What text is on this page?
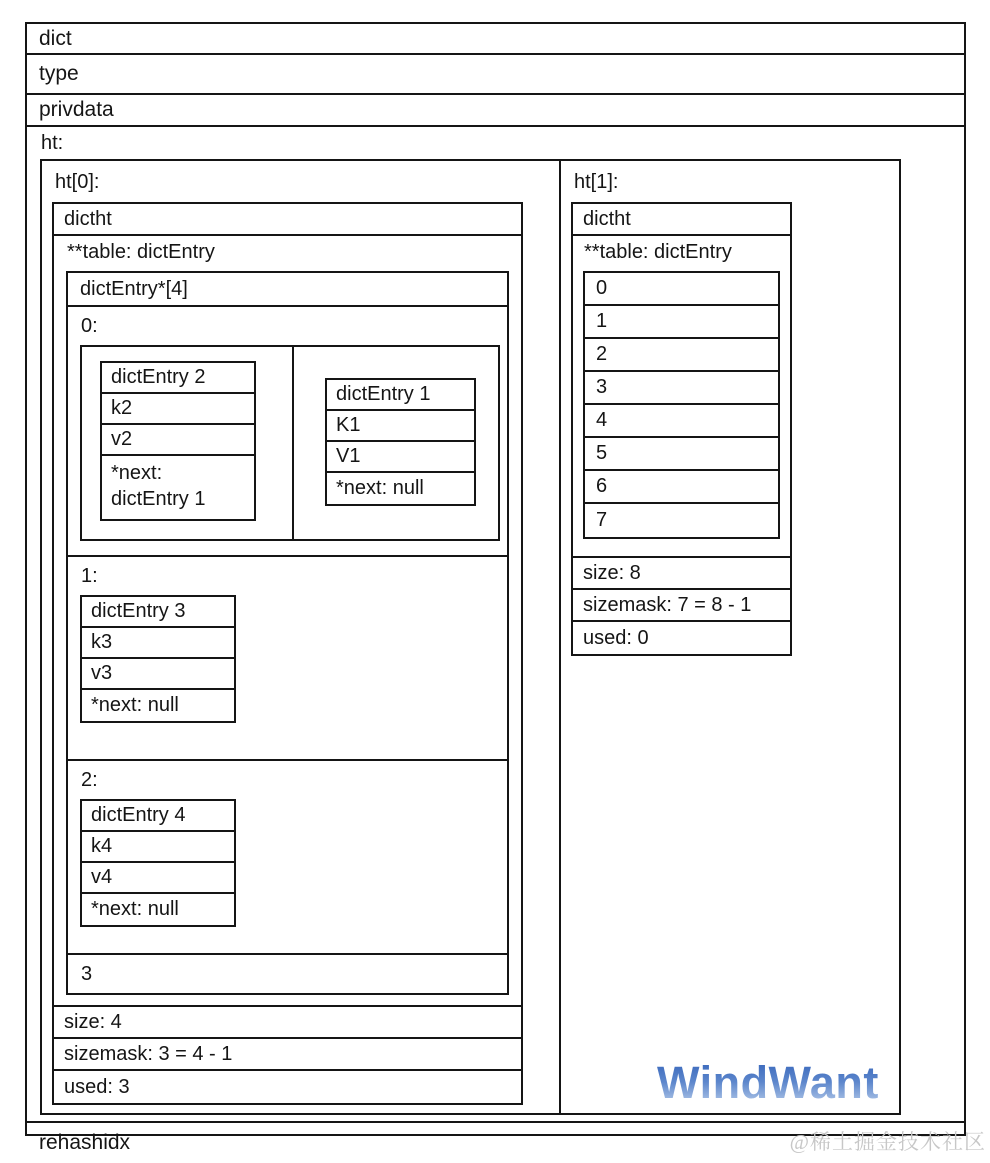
dict
type
privdata
ht:
ht[0]:
dictht
**table: dictEntry
dictEntry*[4]
0:
dictEntry 2
k2
v2
*next:
dictEntry 1
dictEntry 1
K1
V1
*next: null
1:
dictEntry 3
k3
v3
*next: null
2:
dictEntry 4
k4
v4
*next: null
3
size: 4
sizemask: 3 = 4 - 1
used: 3
ht[1]:
dictht
**table: dictEntry
0
1
2
3
4
5
6
7
size: 8
sizemask: 7 = 8 - 1
used: 0
WindWant
rehashidx	@稀土掘金技术社区
